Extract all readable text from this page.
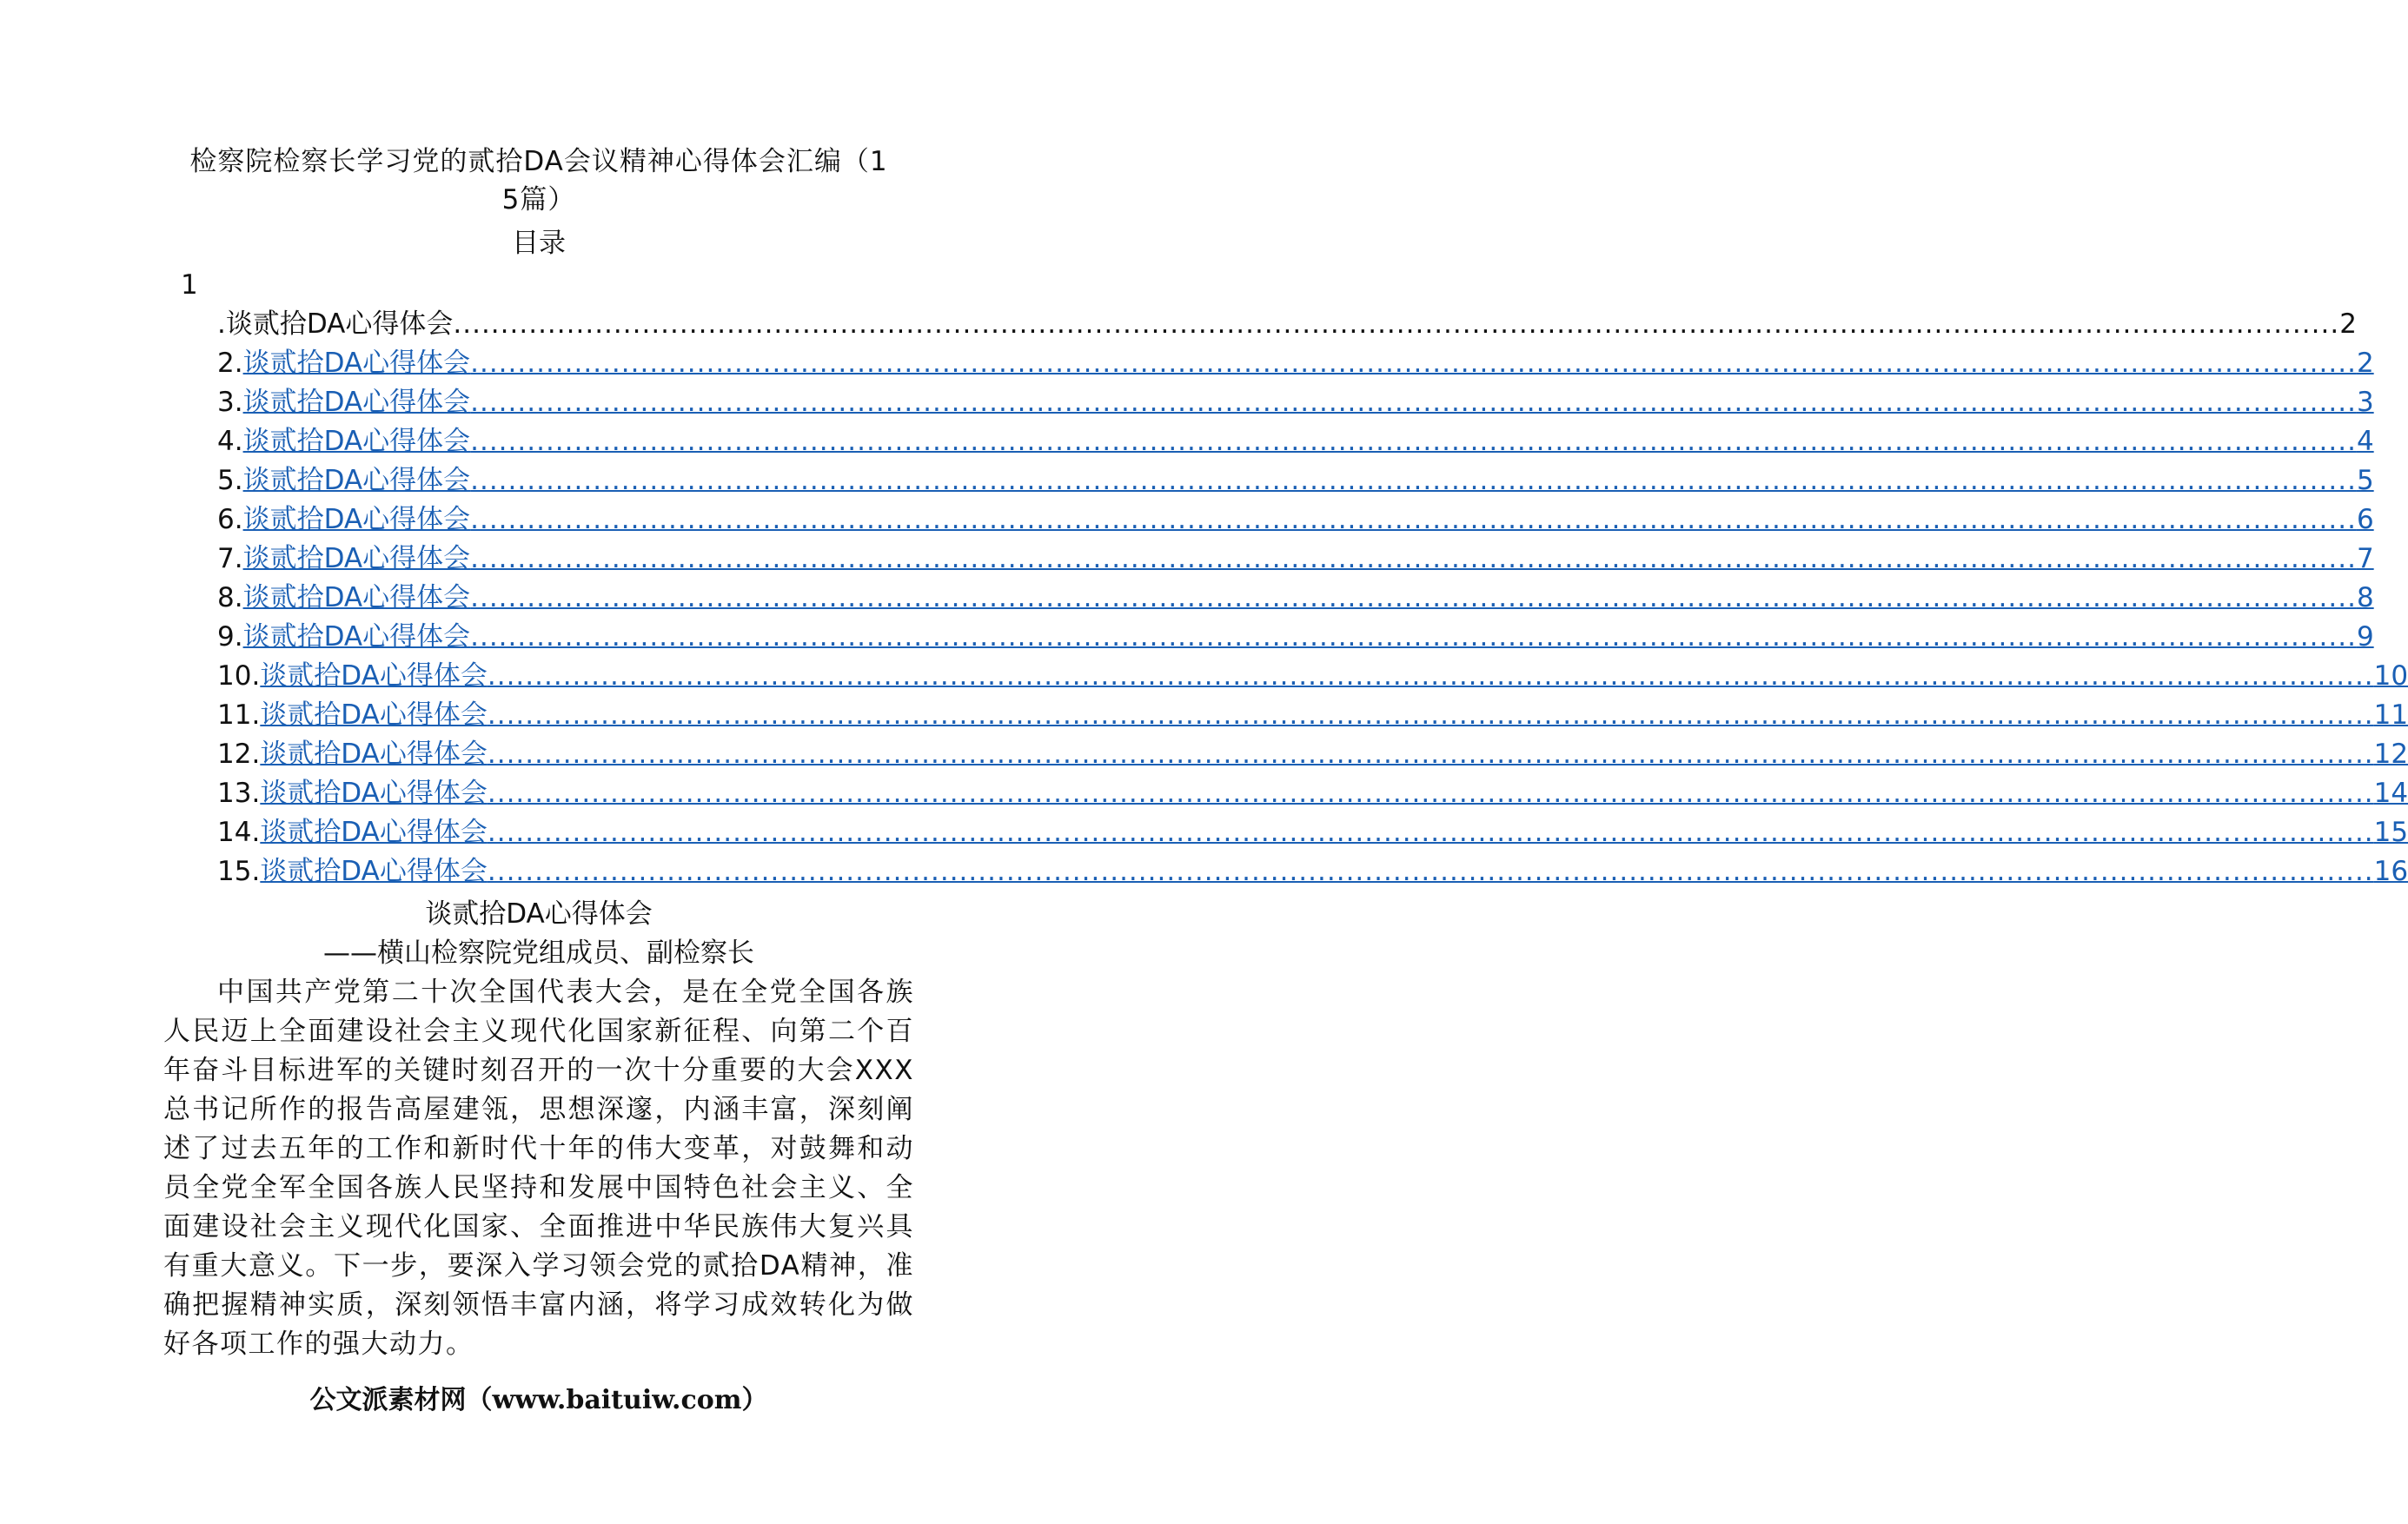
检察院检察长学习党的贰拾DA会议精神心得体会汇编（1
5篇）
目录
1
.谈贰拾DA心得体会 ........................................................................................................................................................................................................ 2
2. 谈贰拾DA心得体会 ........................................................................................................................................................................................................ 2
3. 谈贰拾DA心得体会 ........................................................................................................................................................................................................ 3
4. 谈贰拾DA心得体会 ........................................................................................................................................................................................................ 4
5. 谈贰拾DA心得体会 ........................................................................................................................................................................................................ 5
6. 谈贰拾DA心得体会 ........................................................................................................................................................................................................ 6
7. 谈贰拾DA心得体会 ........................................................................................................................................................................................................ 7
8. 谈贰拾DA心得体会 ........................................................................................................................................................................................................ 8
9. 谈贰拾DA心得体会 ........................................................................................................................................................................................................ 9
10. 谈贰拾DA心得体会 ........................................................................................................................................................................................................ 10
11. 谈贰拾DA心得体会 ........................................................................................................................................................................................................ 11
12. 谈贰拾DA心得体会 ........................................................................................................................................................................................................ 12
13. 谈贰拾DA心得体会 ........................................................................................................................................................................................................ 14
14. 谈贰拾DA心得体会 ........................................................................................................................................................................................................ 15
15. 谈贰拾DA心得体会 ........................................................................................................................................................................................................ 16
谈贰拾DA心得体会
——横山检察院党组成员、副检察长
中国共产党第二十次全国代表大会，是在全党全国各族人民迈上全面建设社会主义现代化国家新征程、向第二个百年奋斗目标进军的关键时刻召开的一次十分重要的大会XXX总书记所作的报告高屋建瓴，思想深邃，内涵丰富，深刻阐述了过去五年的工作和新时代十年的伟大变革，对鼓舞和动员全党全军全国各族人民坚持和发展中国特色社会主义、全面建设社会主义现代化国家、全面推进中华民族伟大复兴具有重大意义。下一步，要深入学习领会党的贰拾DA精神，准确把握精神实质，深刻领悟丰富内涵，将学习成效转化为做好各项工作的强大动力。
公文派素材网（www.baituiw.com）
